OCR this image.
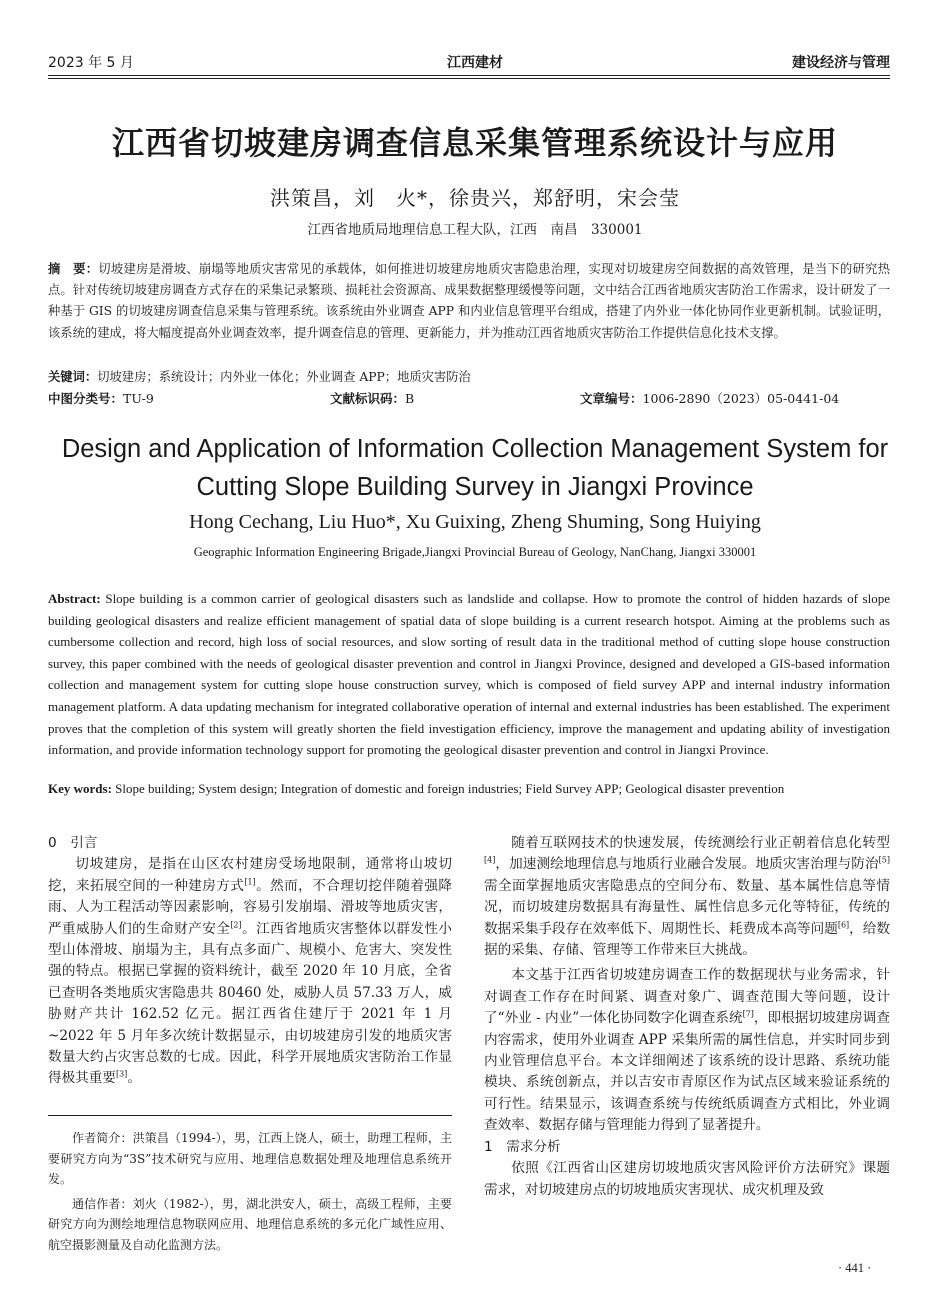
2023 年 5 月	江西建材	建设经济与管理
江西省切坡建房调查信息采集管理系统设计与应用
洪策昌，刘　火*，徐贵兴，郑舒明，宋会莹
江西省地质局地理信息工程大队，江西　南昌　330001
摘　要：切坡建房是滑坡、崩塌等地质灾害常见的承载体，如何推进切坡建房地质灾害隐患治理，实现对切坡建房空间数据的高效管理，是当下的研究热点。针对传统切坡建房调查方式存在的采集记录繁琐、损耗社会资源高、成果数据整理缓慢等问题，文中结合江西省地质灾害防治工作需求，设计研发了一种基于 GIS 的切坡建房调查信息采集与管理系统。该系统由外业调查 APP 和内业信息管理平台组成，搭建了内外业一体化协同作业更新机制。试验证明，该系统的建成，将大幅度提高外业调查效率，提升调查信息的管理、更新能力，并为推动江西省地质灾害防治工作提供信息化技术支撑。
关键词：切坡建房；系统设计；内外业一体化；外业调查 APP；地质灾害防治
中图分类号：TU-9	文献标识码：B	文章编号：1006-2890（2023）05-0441-04
Design and Application of Information Collection Management System for Cutting Slope Building Survey in Jiangxi Province
Hong Cechang, Liu Huo*, Xu Guixing, Zheng Shuming, Song Huiying
Geographic Information Engineering Brigade,Jiangxi Provincial Bureau of Geology, NanChang, Jiangxi 330001
Abstract: Slope building is a common carrier of geological disasters such as landslide and collapse. How to promote the control of hidden hazards of slope building geological disasters and realize efficient management of spatial data of slope building is a current research hotspot. Aiming at the problems such as cumbersome collection and record, high loss of social resources, and slow sorting of result data in the traditional method of cutting slope house construction survey, this paper combined with the needs of geological disaster prevention and control in Jiangxi Province, designed and developed a GIS-based information collection and management system for cutting slope house construction survey, which is composed of field survey APP and internal industry information management platform. A data updating mechanism for integrated collaborative operation of internal and external industries has been established. The experiment proves that the completion of this system will greatly shorten the field investigation efficiency, improve the management and updating ability of investigation information, and provide information technology support for promoting the geological disaster prevention and control in Jiangxi Province.
Key words: Slope building; System design; Integration of domestic and foreign industries; Field Survey APP; Geological disaster prevention
0　引言

切坡建房，是指在山区农村建房受场地限制，通常将山坡切挖，来拓展空间的一种建房方式[1]。然而，不合理切挖伴随着强降雨、人为工程活动等因素影响，容易引发崩塌、滑坡等地质灾害，严重威胁人们的生命财产安全[2]。江西省地质灾害整体以群发性小型山体滑坡、崩塌为主，具有点多面广、规模小、危害大、突发性强的特点。根据已掌握的资料统计，截至 2020 年 10 月底，全省已查明各类地质灾害隐患共 80460 处，威胁人员 57.33 万人，威胁财产共计 162.52 亿元。据江西省住建厅于 2021 年 1 月 ~2022 年 5 月年多次统计数据显示，由切坡建房引发的地质灾害数量大约占灾害总数的七成。因此，科学开展地质灾害防治工作显得极其重要[3]。

作者简介：洪策昌（1994-），男，江西上饶人，硕士，助理工程师，主要研究方向为“3S”技术研究与应用、地理信息数据处理及地理信息系统开发。

通信作者：刘火（1982-），男，湖北洪安人，硕士，高级工程师，主要研究方向为测绘地理信息物联网应用、地理信息系统的多元化广域性应用、航空摄影测量及自动化监测方法。

随着互联网技术的快速发展，传统测绘行业正朝着信息化转型[4]，加速测绘地理信息与地质行业融合发展。地质灾害治理与防治[5]需全面掌握地质灾害隐患点的空间分布、数量、基本属性信息等情况，而切坡建房数据具有海量性、属性信息多元化等特征，传统的数据采集手段存在效率低下、周期性长、耗费成本高等问题[6]，给数据的采集、存储、管理等工作带来巨大挑战。

本文基于江西省切坡建房调查工作的数据现状与业务需求，针对调查工作存在时间紧、调查对象广、调查范围大等问题，设计了“外业 - 内业”一体化协同数字化调查系统[7]，即根据切坡建房调查内容需求，使用外业调查 APP 采集所需的属性信息，并实时同步到内业管理信息平台。本文详细阐述了该系统的设计思路、系统功能模块、系统创新点，并以吉安市青原区作为试点区域来验证系统的可行性。结果显示，该调查系统与传统纸质调查方式相比，外业调查效率、数据存储与管理能力得到了显著提升。

1　需求分析

依照《江西省山区建房切坡地质灾害风险评价方法研究》课题需求，对切坡建房点的切坡地质灾害现状、成灾机理及致

· 441 ·
